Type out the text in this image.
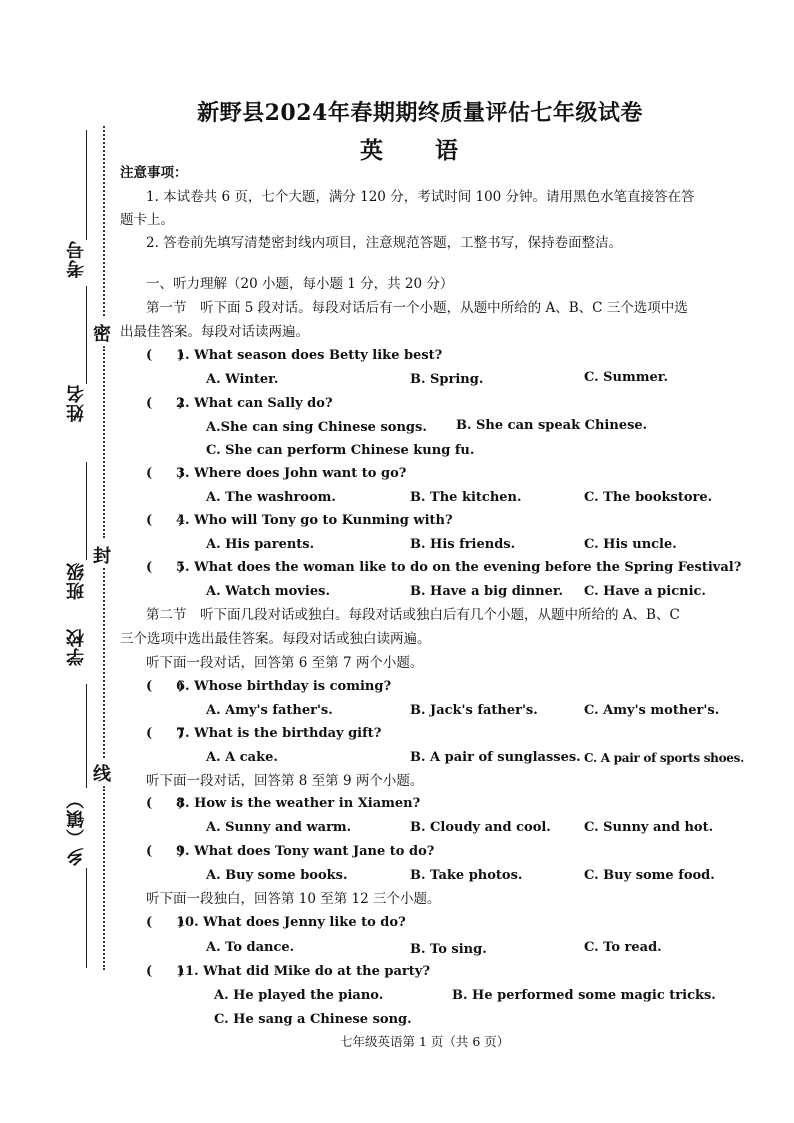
考号
姓名
班级
学校
乡（镇）
密
封
线
新野县2024年春期期终质量评估七年级试卷
英 语
注意事项：
1. 本试卷共 6 页，七个大题，满分 120 分，考试时间 100 分钟。请用黑色水笔直接答在答
题卡上。
2. 答卷前先填写清楚密封线内项目，注意规范答题，工整书写，保持卷面整洁。
一、听力理解（20 小题，每小题 1 分，共 20 分）
第一节　听下面 5 段对话。每段对话后有一个小题，从题中所给的 A、B、C 三个选项中选
出最佳答案。每段对话读两遍。
(　　)1. What season does Betty like best?
A. Winter.	B. Spring.	C. Summer.
(　　)2. What can Sally do?
A.She can sing Chinese songs. B. She can speak Chinese.
C. She can perform Chinese kung fu.
(　　)3. Where does John want to go?
A. The washroom.	B. The kitchen.	C. The bookstore.
(　　)4. Who will Tony go to Kunming with?
A. His parents.	B. His friends.	C. His uncle.
(　　)5. What does the woman like to do on the evening before the Spring Festival?
A. Watch movies.	B. Have a big dinner. C. Have a picnic.
第二节　听下面几段对话或独白。每段对话或独白后有几个小题，从题中所给的 A、B、C
三个选项中选出最佳答案。每段对话或独白读两遍。
听下面一段对话，回答第 6 至第 7 两个小题。
(　　)6. Whose birthday is coming?
A. Amy's father's.	B. Jack's father's.	C. Amy's mother's.
(　　)7. What is the birthday gift?
A. A cake.	B. A pair of sunglasses. C. A pair of sports shoes.
听下面一段对话，回答第 8 至第 9 两个小题。
(　　)8. How is the weather in Xiamen?
A. Sunny and warm.	B. Cloudy and cool.	C. Sunny and hot.
(　　)9. What does Tony want Jane to do?
A. Buy some books.	B. Take photos.	C. Buy some food.
听下面一段独白，回答第 10 至第 12 三个小题。
(　　)10. What does Jenny like to do?
A. To dance.	B. To sing.	C. To read.
(　　)11. What did Mike do at the party?
A. He played the piano.	B. He performed some magic tricks.
C. He sang a Chinese song.
七年级英语第 1 页（共 6 页）
